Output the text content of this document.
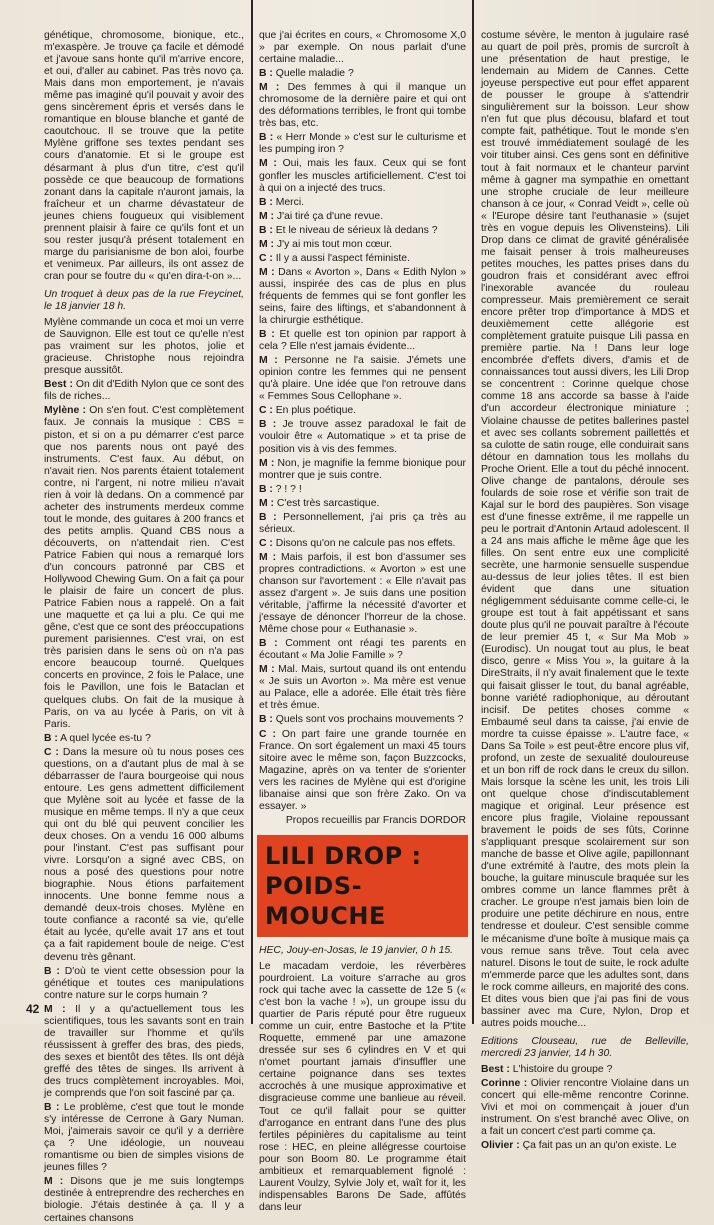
génétique, chromosome, bionique, etc., m'exaspère. Je trouve ça facile et démodé et j'avoue sans honte qu'il m'arrive encore, et oui, d'aller au cabinet. Pas très novo ça. Mais dans mon emportement, je n'avais même pas imaginé qu'il pouvait y avoir des gens sincèrement épris et versés dans le romantique en blouse blanche et ganté de caoutchouc. Il se trouve que la petite Mylène griffone ses textes pendant ses cours d'anatomie. Et si le groupe est désarmant à plus d'un titre, c'est qu'il possède ce que beaucoup de formations zonant dans la capitale n'auront jamais, la fraîcheur et un charme dévastateur de jeunes chiens fougueux qui visiblement prennent plaisir à faire ce qu'ils font et un sou rester jusqu'à présent totalement en marge du parisianisme de bon aloi, fourbe et venimeux. Par ailleurs, ils ont assez de cran pour se foutre du « qu'en dira-t-on »...

Un troquet à deux pas de la rue Freycinet, le 18 janvier 18 h.

Mylène commande un coca et moi un verre de Sauvignon. Elle est tout ce qu'elle n'est pas vraiment sur les photos, jolie et gracieuse. Christophe nous rejoindra presque aussitôt.

Best : On dit d'Edith Nylon que ce sont des fils de riches...

Mylène : On s'en fout. C'est complètement faux. Je connais la musique : CBS = piston, et si on a pu démarrer c'est parce que nos parents nous ont payé des instruments. C'est faux. Au début, on n'avait rien. Nos parents étaient totalement contre, ni l'argent, ni notre milieu n'avait rien à voir là dedans. On a commencé par acheter des instruments merdeux comme tout le monde, des guitares à 200 francs et des petits amplis. Quand CBS nous a découverts, on n'attendait rien. C'est Patrice Fabien qui nous a remarqué lors d'un concours patronné par CBS et Hollywood Chewing Gum. On a fait ça pour le plaisir de faire un concert de plus. Patrice Fabien nous a rappelé. On a fait une maquette et ça lui a plu. Ce qui me gêne, c'est que ce sont des préoccupations purement parisiennes. C'est vrai, on est très parisien dans le sens où on n'a pas encore beaucoup tourné. Quelques concerts en province, 2 fois le Palace, une fois le Pavillon, une fois le Bataclan et quelques clubs. On fait de la musique à Paris, on va au lycée à Paris, on vit à Paris.

B : A quel lycée es-tu ?

C : Dans la mesure où tu nous poses ces questions, on a d'autant plus de mal à se débarrasser de l'aura bourgeoise qui nous entoure. Les gens admettent difficilement que Mylène soit au lycée et fasse de la musique en même temps. Il n'y a que ceux qui ont du blé qui peuvent concilier les deux choses. On a vendu 16 000 albums pour l'instant. C'est pas suffisant pour vivre. Lorsqu'on a signé avec CBS, on nous a posé des questions pour notre biographie. Nous étions parfaitement innocents. Une bonne femme nous a demandé deux-trois choses. Mylène en toute confiance a raconté sa vie, qu'elle était au lycée, qu'elle avait 17 ans et tout ça a fait rapidement boule de neige. C'est devenu très gênant.

B : D'où te vient cette obsession pour la génétique et toutes ces manipulations contre nature sur le corps humain ?

M : Il y a qu'actuellement tous les scientifiques, tous les savants sont en train de travailler sur l'homme et qu'ils réussissent à greffer des bras, des pieds, des sexes et bientôt des têtes. Ils ont déjà greffé des têtes de singes. Ils arrivent à des trucs complètement incroyables. Moi, je comprends que l'on soit fasciné par ça.

B : Le problème, c'est que tout le monde s'y intéresse de Cerrone à Gary Numan. Moi, j'aimerais savoir ce qu'il y a derrière ça ? Une idéologie, un nouveau romantisme ou bien de simples visions de jeunes filles ?

M : Disons que je me suis longtemps destinée à entreprendre des recherches en biologie. J'étais destinée à ça. Il y a certaines chansons

que j'ai écrites en cours, « Chromosome X,0 » par exemple. On nous parlait d'une certaine maladie...

B : Quelle maladie ?

M : Des femmes à qui il manque un chromosome de la dernière paire et qui ont des déformations terribles, le front qui tombe très bas, etc.

B : « Herr Monde » c'est sur le culturisme et les pumping iron ?

M : Oui, mais les faux. Ceux qui se font gonfler les muscles artificiellement. C'est toi à qui on a injecté des trucs.

B : Merci.

M : J'ai tiré ça d'une revue.

B : Et le niveau de sérieux là dedans ?

M : J'y ai mis tout mon cœur.

C : Il y a aussi l'aspect féministe.

M : Dans « Avorton », Dans « Edith Nylon » aussi, inspirée des cas de plus en plus fréquents de femmes qui se font gonfler les seins, faire des liftings, et s'abandonnent à la chirurgie esthétique.

B : Et quelle est ton opinion par rapport à cela ? Elle n'est jamais évidente...

M : Personne ne l'a saisie. J'émets une opinion contre les femmes qui ne pensent qu'à plaire. Une idée que l'on retrouve dans « Femmes Sous Cellophane ».

C : En plus poétique.

B : Je trouve assez paradoxal le fait de vouloir être « Automatique » et ta prise de position vis à vis des femmes.

M : Non, je magnifie la femme bionique pour montrer que je suis contre.

B : ? ! ? !

M : C'est très sarcastique.

B : Personnellement, j'ai pris ça très au sérieux.

C : Disons qu'on ne calcule pas nos effets.

M : Mais parfois, il est bon d'assumer ses propres contradictions. « Avorton » est une chanson sur l'avortement : « Elle n'avait pas assez d'argent ». Je suis dans une position véritable, j'affirme la nécessité d'avorter et j'essaye de dénoncer l'horreur de la chose. Même chose pour « Euthanasie ».

B : Comment ont réagi tes parents en écoutant « Ma Jolie Famille » ?

M : Mal. Mais, surtout quand ils ont entendu « Je suis un Avorton ». Ma mère est venue au Palace, elle a adorée. Elle était très fière et très émue.

B : Quels sont vos prochains mouvements ?

C : On part faire une grande tournée en France. On sort également un maxi 45 tours sitoire avec le même son, façon Buzzcocks, Magazine, après on va tenter de s'orienter vers les racines de Mylène qui est d'origine libanaise ainsi que son frère Zako. On va essayer. »

Propos recueillis par Francis DORDOR

LILI DROP :
POIDS-MOUCHE

HEC, Jouy-en-Josas, le 19 janvier, 0 h 15.

Le macadam verdoie, les réverbères pourdroient. La voiture s'arrache au gros rock qui tache avec la cassette de 12e 5 (« c'est bon la vache ! »), un groupe issu du quartier de Paris réputé pour être rugueux comme un cuir, entre Bastoche et la P'tite Roquette, emmené par une amazone dressée sur ses 6 cylindres en V et qui n'omet pourtant jamais d'insuffler une certaine poignance dans ses textes accrochés à une musique approximative et disgracieuse comme une banlieue au réveil. Tout ce qu'il fallait pour se quitter d'arrogance en entrant dans l'une des plus fertiles pépinières du capitalisme au teint rose : HEC, en pleine allégresse courtoise pour son Boom 80. Le programme était ambitieux et remarquablement fignolé : Laurent Voulzy, Sylvie Joly et, waît for it, les indispensables Barons De Sade, affûtés dans leur

costume sévère, le menton à jugulaire rasé au quart de poil près, promis de surcroît à une présentation de haut prestige, le lendemain au Midem de Cannes. Cette joyeuse perspective eut pour effet apparent de pousser le groupe à s'attendrir singulièrement sur la boisson. Leur show n'en fut que plus décousu, blafard et tout compte fait, pathétique. Tout le monde s'en est trouvé immédiatement soulagé de les voir tituber ainsi. Ces gens sont en définitive tout à fait normaux et le chanteur parvint même à gagner ma sympathie en omettant une strophe cruciale de leur meilleure chanson à ce jour, « Conrad Veidt », celle où « l'Europe désire tant l'euthanasie » (sujet très en vogue depuis les Olivensteins). Lili Drop dans ce climat de gravité généralisée me faisait penser à trois malheureuses petites mouches, les pattes prises dans du goudron frais et considérant avec effroi l'inexorable avancée du rouleau compresseur. Mais premièrement ce serait encore prêter trop d'importance à MDS et deuxièmement cette allégorie est complètement gratuite puisque Lili passa en première partie. Na ! Dans leur loge encombrée d'effets divers, d'amis et de connaissances tout aussi divers, les Lili Drop se concentrent : Corinne quelque chose comme 18 ans accorde sa basse à l'aide d'un accordeur électronique miniature ; Violaine chausse de petites ballerines pastel et avec ses collants sobrement paillettés et sa culotte de satin rouge, elle conduirait sans détour en damnation tous les mollahs du Proche Orient. Elle a tout du péché innocent. Olive change de pantalons, déroule ses foulards de soie rose et vérifie son trait de Kajal sur le bord des paupières. Son visage est d'une finesse extrême, il me rappelle un peu le portrait d'Antonin Artaud adolescent. Il a 24 ans mais affiche le même âge que les filles. On sent entre eux une complicité secrète, une harmonie sensuelle suspendue au-dessus de leur jolies têtes. Il est bien évident que dans une situation négligemment séduisante comme celle-ci, le groupe est tout à fait appétissant et sans doute plus qu'il ne pouvait paraître à l'écoute de leur premier 45 t, « Sur Ma Mob » (Eurodisc). Un nougat tout au plus, le beat disco, genre « Miss You », la guitare à la DireStraits, il n'y avait finalement que le texte qui faisait glisser le tout, du banal agréable, bonne variété radiophonique, au déroutant incisif. De petites choses comme « Embaumé seul dans ta caisse, j'ai envie de mordre ta cuisse épaisse ». L'autre face, « Dans Sa Toile » est peut-être encore plus vif, profond, un zeste de sexualité douloureuse et un bon riff de rock dans le creux du sillon. Mais lorsque la scène les unit, les trois Lili ont quelque chose d'indiscutablement magique et original. Leur présence est encore plus fragile, Violaine repoussant bravement le poids de ses fûts, Corinne s'appliquant presque scolairement sur son manche de basse et Olive agile, papillonnant d'une extrémité à l'autre, des mots plein la bouche, la guitare minuscule braquée sur les ombres comme un lance flammes prêt à cracher. Le groupe n'est jamais bien loin de produire une petite déchirure en nous, entre tendresse et douleur. C'est sensible comme le mécanisme d'une boîte à musique mais ça vous remue sans trêve. Tout cela avec naturel. Disons le tout de suite, le rock adulte m'emmerde parce que les adultes sont, dans le rock comme ailleurs, en majorité des cons. Et dites vous bien que j'ai pas fini de vous bassiner avec ma Cure, Nylon, Drop et autres poids mouche...

Editions Clouseau, rue de Belleville, mercredi 23 janvier, 14 h 30.

Best : L'histoire du groupe ?

Corinne : Olivier rencontre Violaine dans un concert qui elle-même rencontre Corinne. Vivi et moi on commençait à jouer d'un instrument. On s'est branché avec Olive, on a fait un concert c'est parti comme ça.

Olivier : Ça fait pas un an qu'on existe. Le

42
